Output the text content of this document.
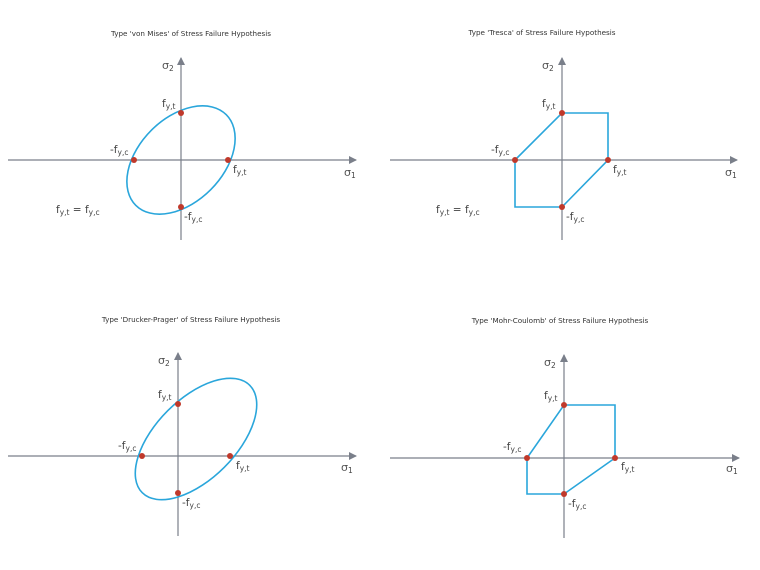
Type 'von Mises' of Stress Failure Hypothesis
σ1
σ2
fy,t
fy,t
-fy,c
-fy,c
fy,t = fy,c
Type 'Tresca' of Stress Failure Hypothesis
σ1
σ2
fy,t
fy,t
-fy,c
-fy,c
fy,t = fy,c
Type 'Drucker-Prager' of Stress Failure Hypothesis
σ1
σ2
fy,t
fy,t
-fy,c
-fy,c
Type 'Mohr-Coulomb' of Stress Failure Hypothesis
σ1
σ2
fy,t
fy,t
-fy,c
-fy,c
